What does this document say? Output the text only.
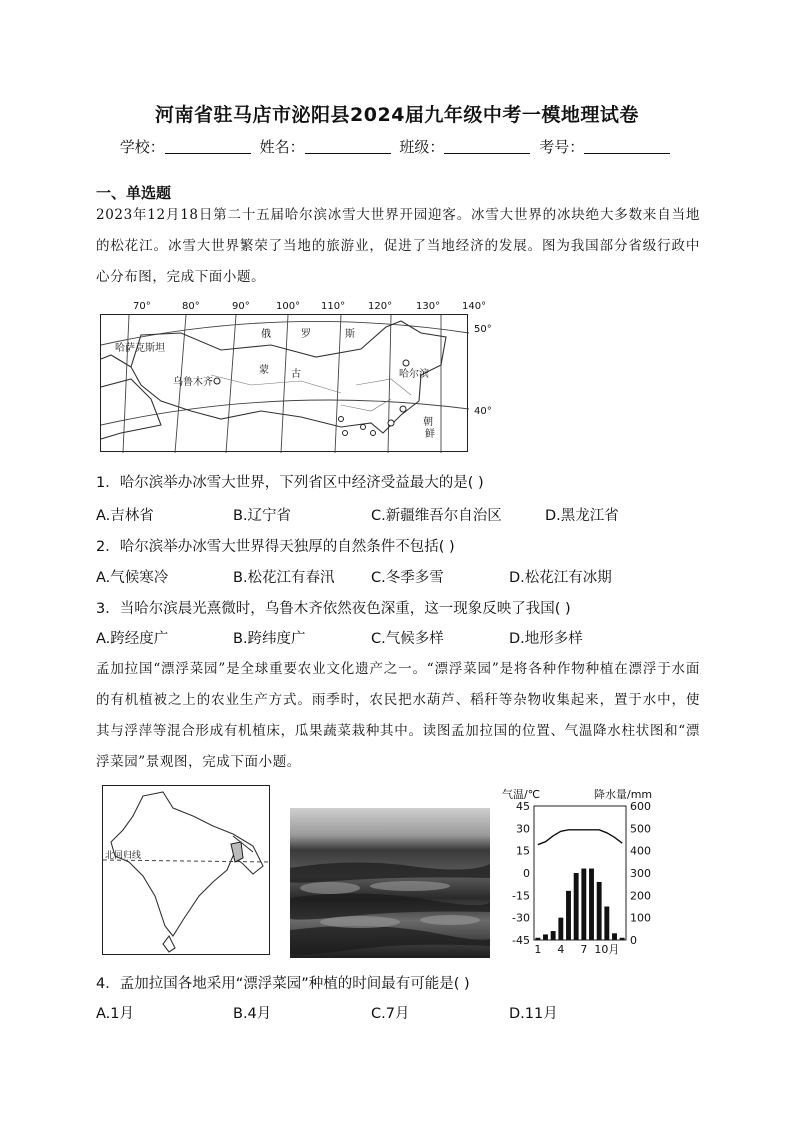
河南省驻马店市泌阳县2024届九年级中考一模地理试卷
学校：	姓名：	班级：	考号：
一、单选题
2023年12月18日第二十五届哈尔滨冰雪大世界开园迎客。冰雪大世界的冰块绝大多数来自当地的松花江。冰雪大世界繁荣了当地的旅游业，促进了当地经济的发展。图为我国部分省级行政中心分布图，完成下面小题。
哈萨克斯坦
俄	罗	斯
蒙 古
乌鲁木齐
哈尔滨
朝
鲜
70°	80°	90°	100° 110° 120° 130° 140°
50°
40°
1．哈尔滨举办冰雪大世界，下列省区中经济受益最大的是( )
A.吉林省	B.辽宁省	C.新疆维吾尔自治区	D.黑龙江省
2．哈尔滨举办冰雪大世界得天独厚的自然条件不包括( )
A.气候寒冷	B.松花江有春汛	C.冬季多雪	D.松花江有冰期
3．当哈尔滨晨光熹微时，乌鲁木齐依然夜色深重，这一现象反映了我国( )
A.跨经度广	B.跨纬度广	C.气候多样	D.地形多样
孟加拉国“漂浮菜园”是全球重要农业文化遗产之一。“漂浮菜园”是将各种作物种植在漂浮于水面的有机植被之上的农业生产方式。雨季时，农民把水葫芦、稻秆等杂物收集起来，置于水中，使其与浮萍等混合形成有机植床，瓜果蔬菜栽种其中。读图孟加拉国的位置、气温降水柱状图和“漂浮菜园”景观图，完成下面小题。
北回归线
气温/℃	降水量/mm
45
30
15
0
-15
-30
-45
600
500
400
300
200
100
0
1 4 7 10月
4．孟加拉国各地采用“漂浮菜园”种植的时间最有可能是( )
A.1月	B.4月	C.7月	D.11月
